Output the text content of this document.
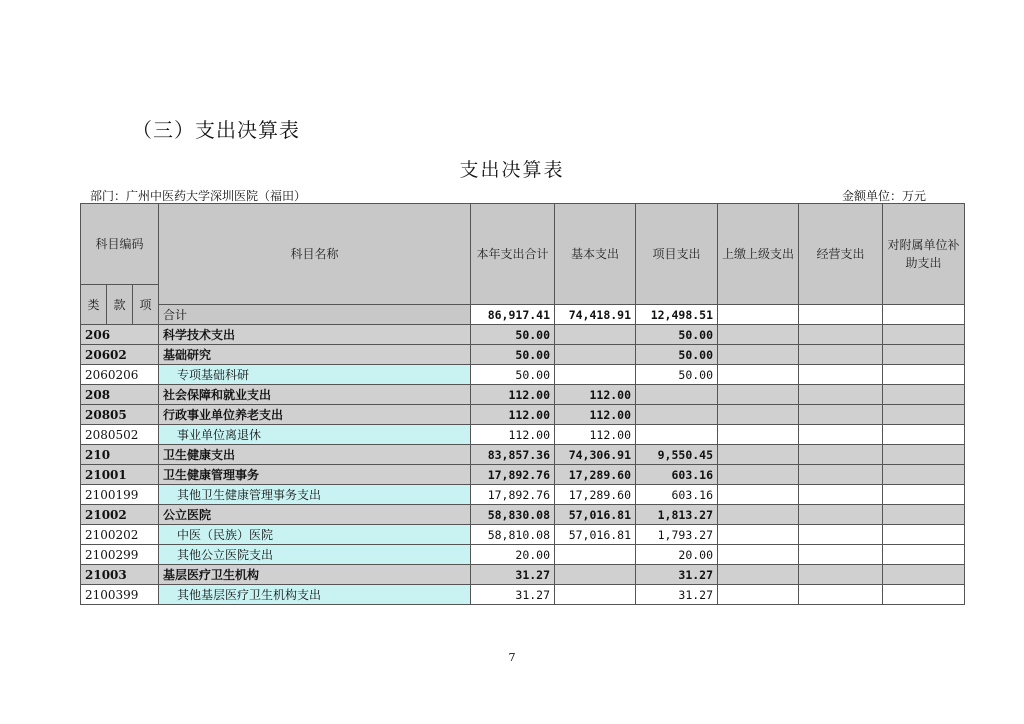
（三）支出决算表
支出决算表
部门：广州中医药大学深圳医院（福田）	金额单位：万元
科目编码			科目名称	本年支出合计	基本支出	项目支出	上缴上级支出	经营支出	对附属单位补助支出	
类	款	项							
			合计	86,917.41	74,418.91	12,498.51				
206			科学技术支出	50.00		50.00				
20602			基础研究	50.00		50.00				
2060206			专项基础科研	50.00		50.00				
208			社会保障和就业支出	112.00	112.00					
20805			行政事业单位养老支出	112.00	112.00					
2080502			事业单位离退休	112.00	112.00					
210			卫生健康支出	83,857.36	74,306.91	9,550.45				
21001			卫生健康管理事务	17,892.76	17,289.60	603.16				
2100199			其他卫生健康管理事务支出	17,892.76	17,289.60	603.16				
21002			公立医院	58,830.08	57,016.81	1,813.27				
2100202			中医（民族）医院	58,810.08	57,016.81	1,793.27				
2100299			其他公立医院支出	20.00		20.00				
21003			基层医疗卫生机构	31.27		31.27				
2100399			其他基层医疗卫生机构支出	31.27		31.27				
7
